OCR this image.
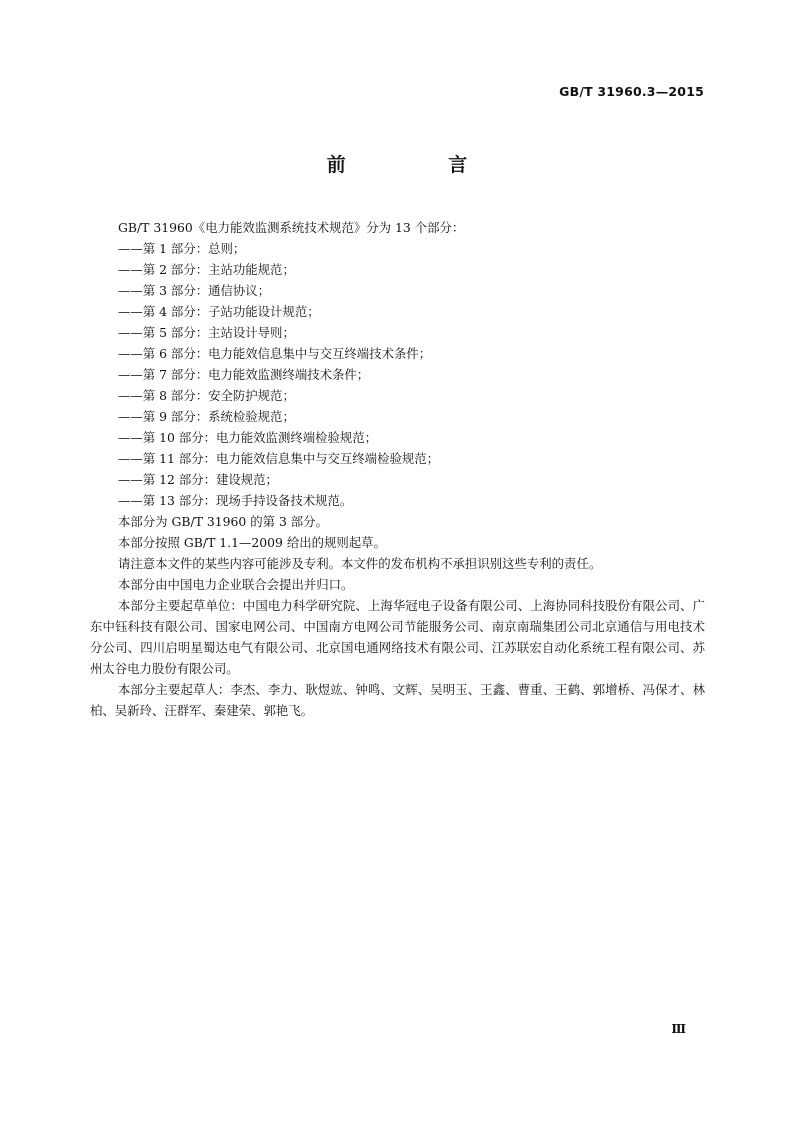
GB/T 31960.3—2015
前 言
GB/T 31960《电力能效监测系统技术规范》分为 13 个部分：
——第 1 部分：总则；
——第 2 部分：主站功能规范；
——第 3 部分：通信协议；
——第 4 部分：子站功能设计规范；
——第 5 部分：主站设计导则；
——第 6 部分：电力能效信息集中与交互终端技术条件；
——第 7 部分：电力能效监测终端技术条件；
——第 8 部分：安全防护规范；
——第 9 部分：系统检验规范；
——第 10 部分：电力能效监测终端检验规范；
——第 11 部分：电力能效信息集中与交互终端检验规范；
——第 12 部分：建设规范；
——第 13 部分：现场手持设备技术规范。
本部分为 GB/T 31960 的第 3 部分。
本部分按照 GB/T 1.1—2009 给出的规则起草。
请注意本文件的某些内容可能涉及专利。本文件的发布机构不承担识别这些专利的责任。
本部分由中国电力企业联合会提出并归口。
本部分主要起草单位：中国电力科学研究院、上海华冠电子设备有限公司、上海协同科技股份有限公司、广东中钰科技有限公司、国家电网公司、中国南方电网公司节能服务公司、南京南瑞集团公司北京通信与用电技术分公司、四川启明星蜀达电气有限公司、北京国电通网络技术有限公司、江苏联宏自动化系统工程有限公司、苏州太谷电力股份有限公司。
本部分主要起草人：李杰、李力、耿煜竑、钟鸣、文辉、吴明玉、王鑫、曹重、王鹤、郭增桥、冯保才、林柏、吴新玲、汪群军、秦建荣、郭艳飞。
Ⅲ
